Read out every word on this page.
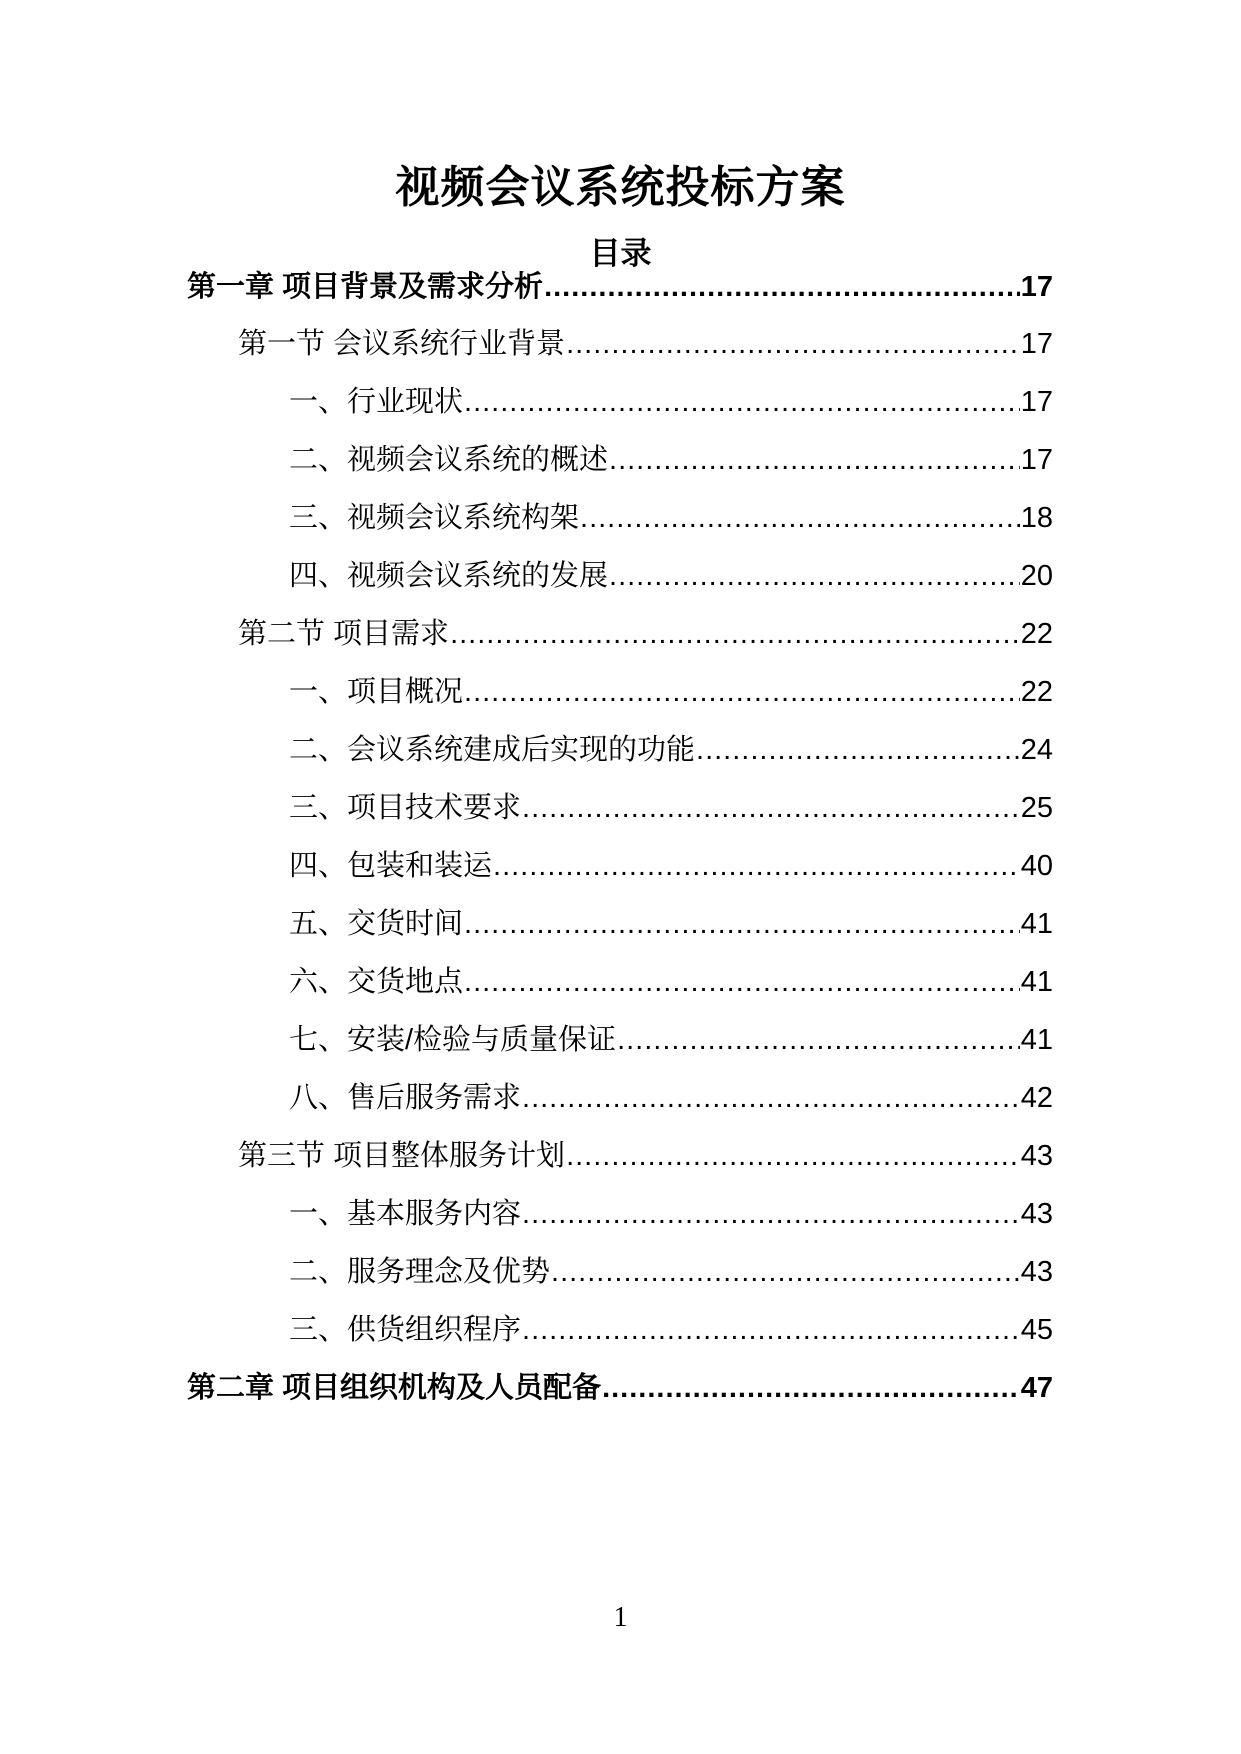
视频会议系统投标方案
目录
第一章 项目背景及需求分析 .....	17
第一节 会议系统行业背景 .....	17
一、行业现状 .....	17
二、视频会议系统的概述 .....	17
三、视频会议系统构架 .....	18
四、视频会议系统的发展 .....	20
第二节 项目需求 .....	22
一、项目概况 .....	22
二、会议系统建成后实现的功能 .....	24
三、项目技术要求 .....	25
四、包装和装运 .....	40
五、交货时间 .....	41
六、交货地点 .....	41
七、安装/检验与质量保证 .....	41
八、售后服务需求 .....	42
第三节 项目整体服务计划 .....	43
一、基本服务内容 .....	43
二、服务理念及优势 .....	43
三、供货组织程序 .....	45
第二章 项目组织机构及人员配备 .....	47
1
